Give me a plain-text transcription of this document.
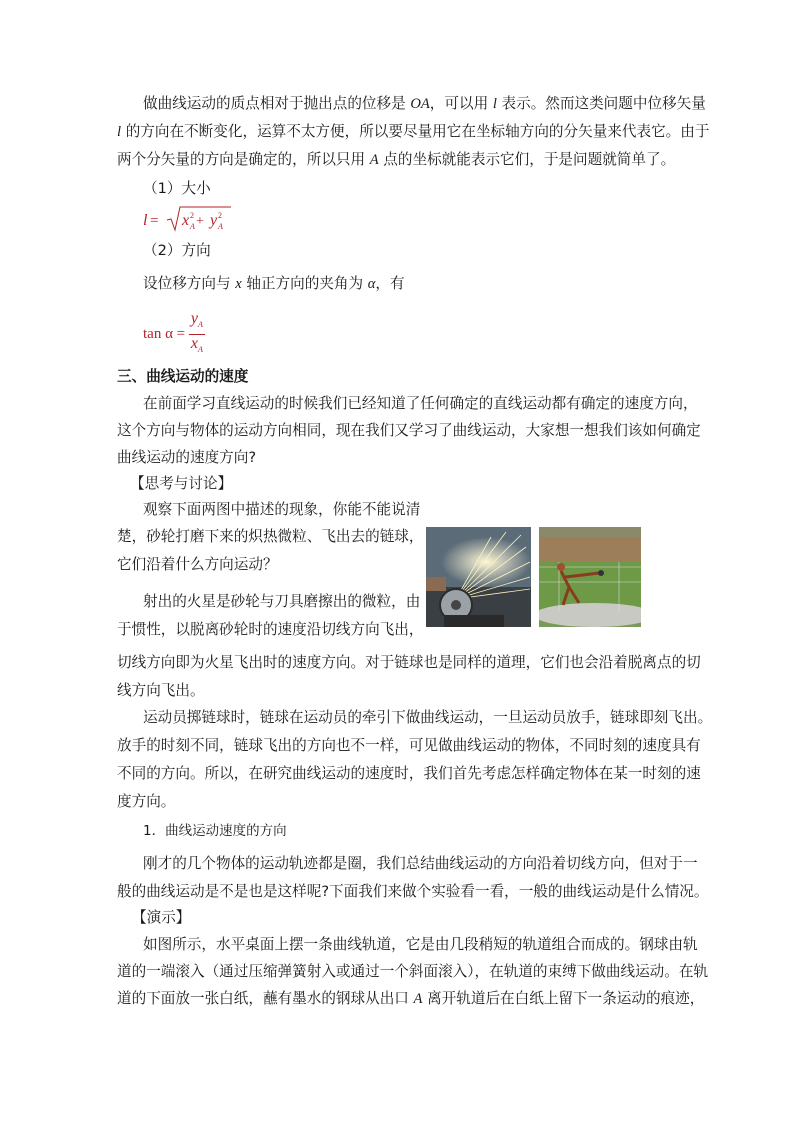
做曲线运动的质点相对于抛出点的位移是 OA，可以用 l 表示。然而这类问题中位移矢量
l 的方向在不断变化，运算不太方便，所以要尽量用它在坐标轴方向的分矢量来代表它。由于
两个分矢量的方向是确定的，所以只用 A 点的坐标就能表示它们，于是问题就简单了。
（1）大小
l = x 2
A + y 2
A
（2）方向
设位移方向与 x 轴正方向的夹角为 α，有
$\tan \alpha = \frac{y_A}{x_A}$
三、曲线运动的速度
在前面学习直线运动的时候我们已经知道了任何确定的直线运动都有确定的速度方向，
这个方向与物体的运动方向相同，现在我们又学习了曲线运动，大家想一想我们该如何确定
曲线运动的速度方向?
【思考与讨论】
观察下面两图中描述的现象，你能不能说清
楚，砂轮打磨下来的炽热微粒、飞出去的链球，
它们沿着什么方向运动？
射出的火星是砂轮与刀具磨擦出的微粒，由
于惯性，以脱离砂轮时的速度沿切线方向飞出，
切线方向即为火星飞出时的速度方向。对于链球也是同样的道理，它们也会沿着脱离点的切
线方向飞出。
运动员掷链球时，链球在运动员的牵引下做曲线运动，一旦运动员放手，链球即刻飞出。
放手的时刻不同，链球飞出的方向也不一样，可见做曲线运动的物体，不同时刻的速度具有
不同的方向。所以，在研究曲线运动的速度时，我们首先考虑怎样确定物体在某一时刻的速
度方向。
1．曲线运动速度的方向
刚才的几个物体的运动轨迹都是圈，我们总结曲线运动的方向沿着切线方向，但对于一
般的曲线运动是不是也是这样呢?下面我们来做个实验看一看，一般的曲线运动是什么情况。
【演示】
如图所示，水平桌面上摆一条曲线轨道，它是由几段稍短的轨道组合而成的。钢球由轨
道的一端滚入（通过压缩弹簧射入或通过一个斜面滚入），在轨道的束缚下做曲线运动。在轨
道的下面放一张白纸，蘸有墨水的钢球从出口 A 离开轨道后在白纸上留下一条运动的痕迹，
